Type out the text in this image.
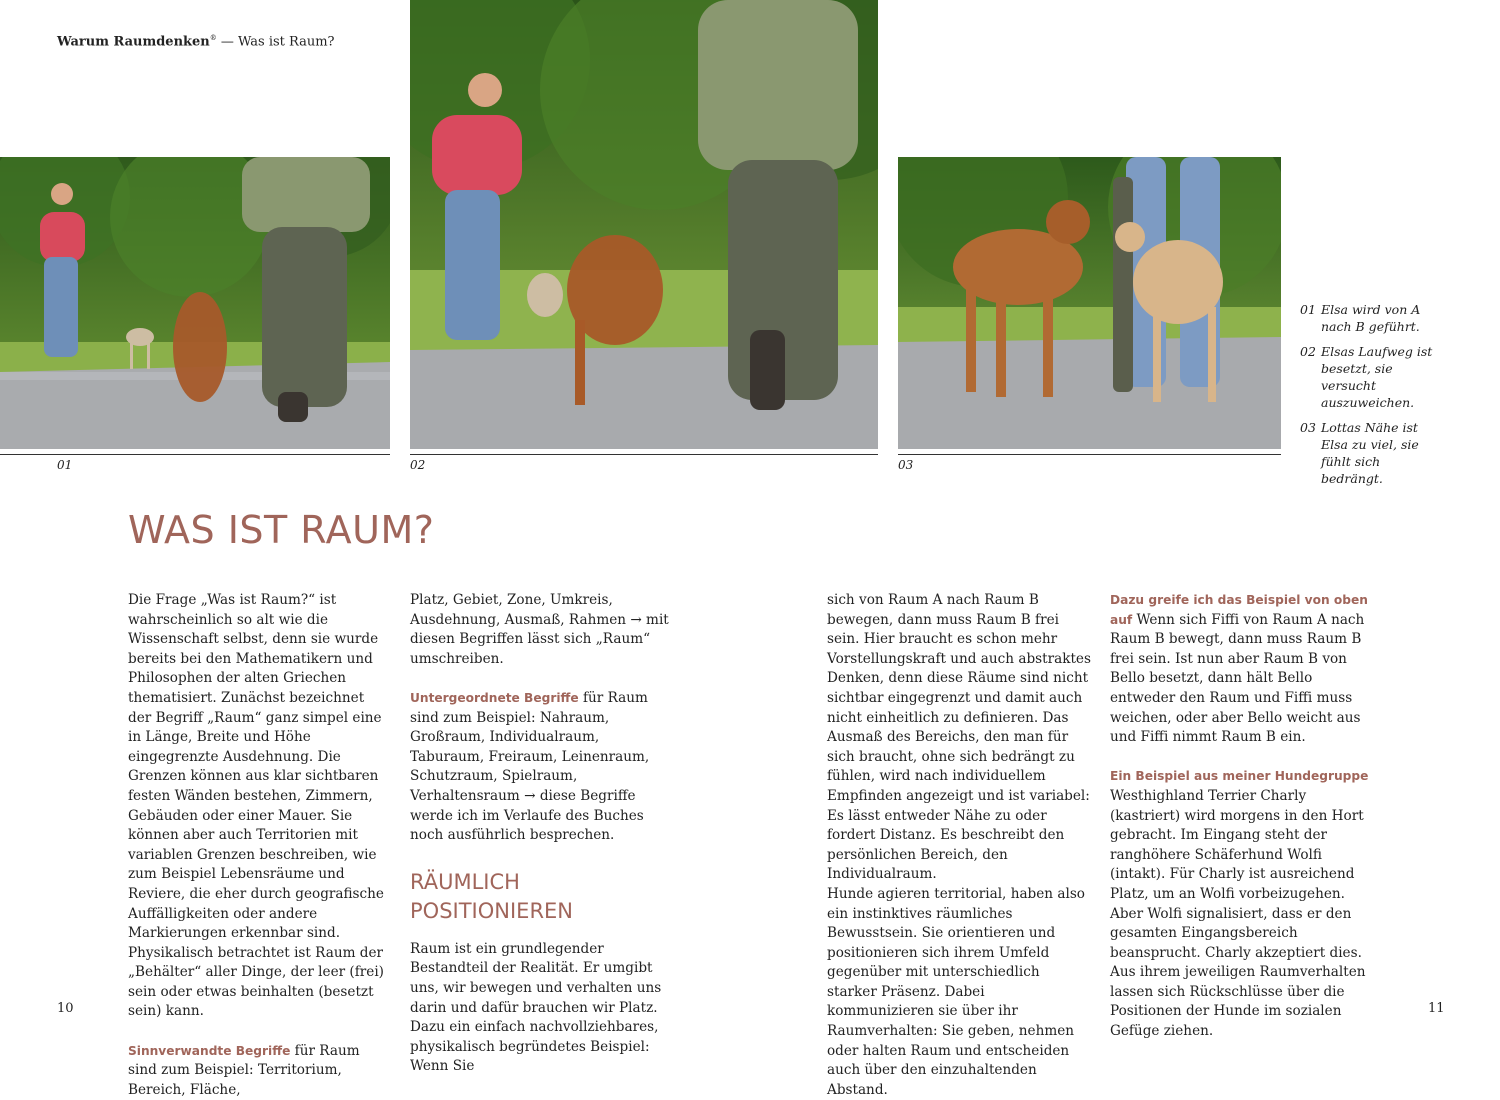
Warum Raumdenken® — Was ist Raum?
01	02	03
01 Elsa wird von A nach B geführt.
02 Elsas Laufweg ist besetzt, sie versucht auszuweichen.
03 Lottas Nähe ist Elsa zu viel, sie fühlt sich bedrängt.
WAS IST RAUM?

Die Frage „Was ist Raum?“ ist wahrscheinlich so alt wie die Wissenschaft selbst, denn sie wurde bereits bei den Mathematikern und Philosophen der alten Griechen thematisiert. Zunächst bezeichnet der Begriff „Raum“ ganz simpel eine in Länge, Breite und Höhe eingegrenzte Ausdehnung. Die Grenzen können aus klar sichtbaren festen Wänden bestehen, Zimmern, Gebäuden oder einer Mauer. Sie können aber auch Territorien mit variablen Grenzen beschreiben, wie zum Beispiel Lebensräume und Reviere, die eher durch geografische Auffälligkeiten oder andere Markierungen erkennbar sind. Physikalisch betrachtet ist Raum der „Behälter“ aller Dinge, der leer (frei) sein oder etwas beinhalten (besetzt sein) kann.

Sinnverwandte Begriffe für Raum sind zum Beispiel: Territorium, Bereich, Fläche,

Platz, Gebiet, Zone, Umkreis, Ausdehnung, Ausmaß, Rahmen → mit diesen Begriffen lässt sich „Raum“ umschreiben.

Untergeordnete Begriffe für Raum sind zum Beispiel: Nahraum, Großraum, Individualraum, Taburaum, Freiraum, Leinenraum, Schutzraum, Spielraum, Verhaltensraum → diese Begriffe werde ich im Verlaufe des Buches noch ausführlich besprechen.

RÄUMLICH
POSITIONIEREN

Raum ist ein grundlegender Bestandteil der Realität. Er umgibt uns, wir bewegen und verhalten uns darin und dafür brauchen wir Platz. Dazu ein einfach nachvollziehbares, physikalisch begründetes Beispiel: Wenn Sie

sich von Raum A nach Raum B bewegen, dann muss Raum B frei sein. Hier braucht es schon mehr Vorstellungskraft und auch abstraktes Denken, denn diese Räume sind nicht sichtbar eingegrenzt und damit auch nicht einheitlich zu definieren. Das Ausmaß des Bereichs, den man für sich braucht, ohne sich bedrängt zu fühlen, wird nach individuellem Empfinden angezeigt und ist variabel: Es lässt entweder Nähe zu oder fordert Distanz. Es beschreibt den persönlichen Bereich, den Individualraum.

Hunde agieren territorial, haben also ein instinktives räumliches Bewusstsein. Sie orientieren und positionieren sich ihrem Umfeld gegenüber mit unterschiedlich starker Präsenz. Dabei kommunizieren sie über ihr Raumverhalten: Sie geben, nehmen oder halten Raum und entscheiden auch über den einzuhaltenden Abstand.

Dazu greife ich das Beispiel von oben auf Wenn sich Fiffi von Raum A nach Raum B bewegt, dann muss Raum B frei sein. Ist nun aber Raum B von Bello besetzt, dann hält Bello entweder den Raum und Fiffi muss weichen, oder aber Bello weicht aus und Fiffi nimmt Raum B ein.

Ein Beispiel aus meiner Hundegruppe
Westhighland Terrier Charly (kastriert) wird morgens in den Hort gebracht. Im Eingang steht der ranghöhere Schäferhund Wolfi (intakt). Für Charly ist ausreichend Platz, um an Wolfi vorbeizugehen. Aber Wolfi signalisiert, dass er den gesamten Eingangsbereich beansprucht. Charly akzeptiert dies. Aus ihrem jeweiligen Raumverhalten lassen sich Rückschlüsse über die Positionen der Hunde im sozialen Gefüge ziehen.

10	11
